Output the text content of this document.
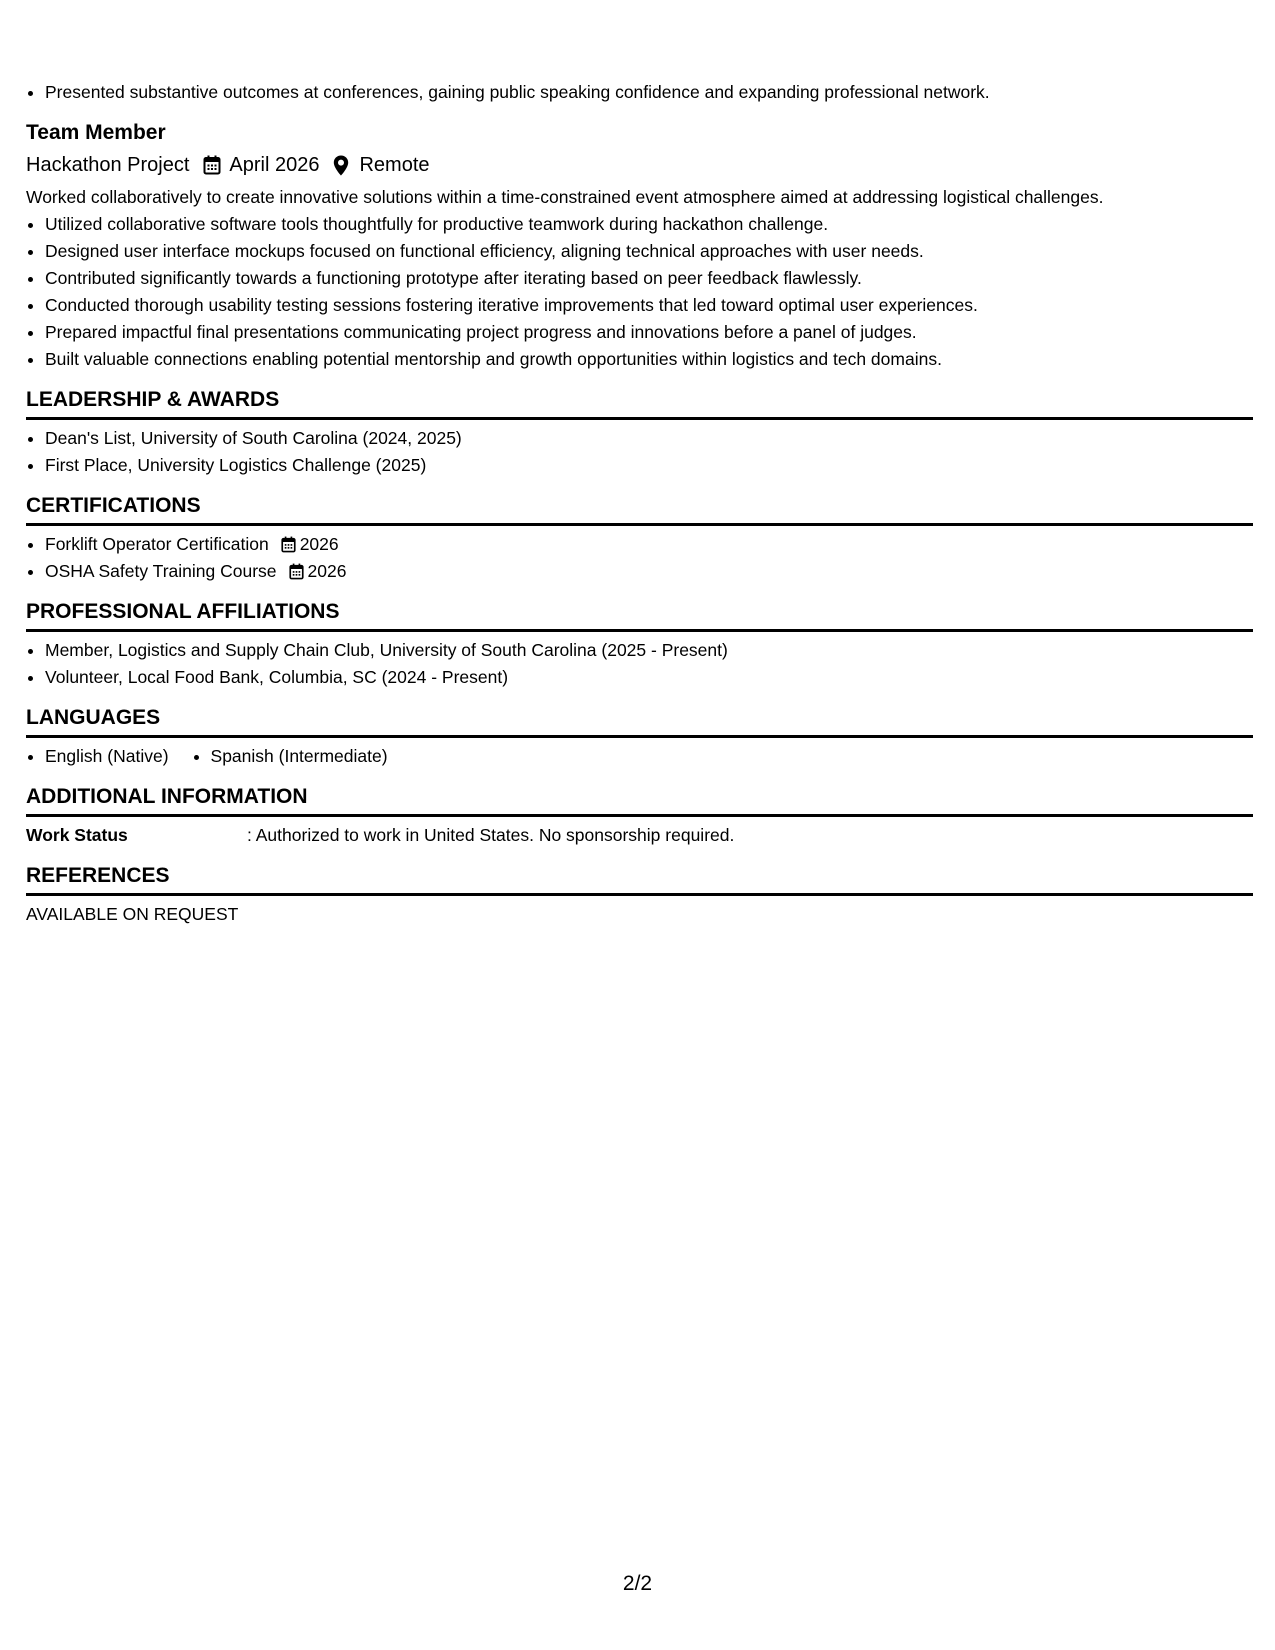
• Presented substantive outcomes at conferences, gaining public speaking confidence and expanding professional network.
Team Member
Hackathon Project April 2026 Remote
Worked collaboratively to create innovative solutions within a time-constrained event atmosphere aimed at addressing logistical challenges.
• Utilized collaborative software tools thoughtfully for productive teamwork during hackathon challenge.
• Designed user interface mockups focused on functional efficiency, aligning technical approaches with user needs.
• Contributed significantly towards a functioning prototype after iterating based on peer feedback flawlessly.
• Conducted thorough usability testing sessions fostering iterative improvements that led toward optimal user experiences.
• Prepared impactful final presentations communicating project progress and innovations before a panel of judges.
• Built valuable connections enabling potential mentorship and growth opportunities within logistics and tech domains.
LEADERSHIP & AWARDS
• Dean's List, University of South Carolina (2024, 2025)
• First Place, University Logistics Challenge (2025)
CERTIFICATIONS
• Forklift Operator Certification 2026
• OSHA Safety Training Course 2026
PROFESSIONAL AFFILIATIONS
• Member, Logistics and Supply Chain Club, University of South Carolina (2025 - Present)
• Volunteer, Local Food Bank, Columbia, SC (2024 - Present)
LANGUAGES
• English (Native)
• Spanish (Intermediate)
ADDITIONAL INFORMATION
Work Status	: Authorized to work in United States. No sponsorship required.
REFERENCES
AVAILABLE ON REQUEST
2/2
